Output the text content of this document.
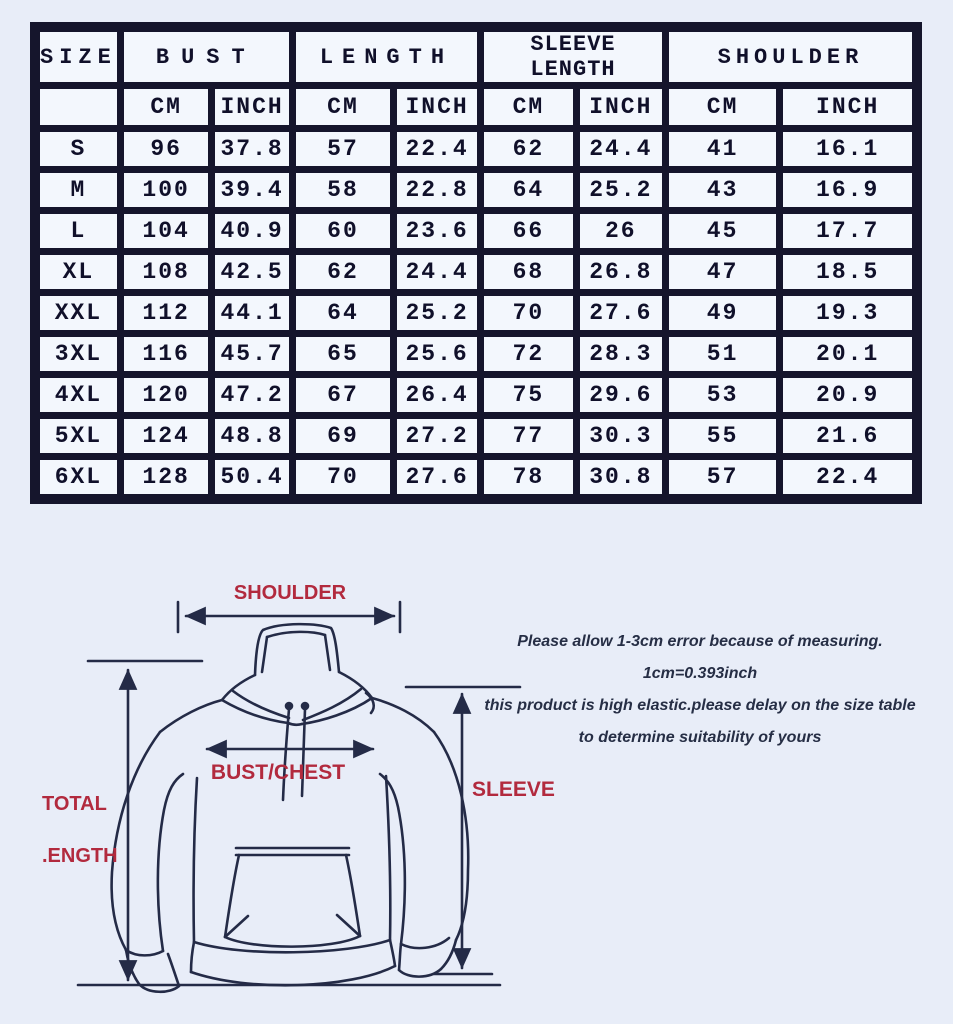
SIZE	BUST		LENGTH		SLEEVE LENGTH		SHOULDER	
	CM	INCH	CM	INCH	CM	INCH	CM	INCH
S	96	37.8	57	22.4	62	24.4	41	16.1
M	100	39.4	58	22.8	64	25.2	43	16.9
L	104	40.9	60	23.6	66	26	45	17.7
XL	108	42.5	62	24.4	68	26.8	47	18.5
XXL	112	44.1	64	25.2	70	27.6	49	19.3
3XL	116	45.7	65	25.6	72	28.3	51	20.1
4XL	120	47.2	67	26.4	75	29.6	53	20.9
5XL	124	48.8	69	27.2	77	30.3	55	21.6
6XL	128	50.4	70	27.6	78	30.8	57	22.4
SHOULDER

TOTAL

.ENGTH

BUST/CHEST
SLEEVE
Please allow 1-3cm error because of measuring.
1cm=0.393inch
this product is high elastic.please delay on the size table
to determine suitability of yours
